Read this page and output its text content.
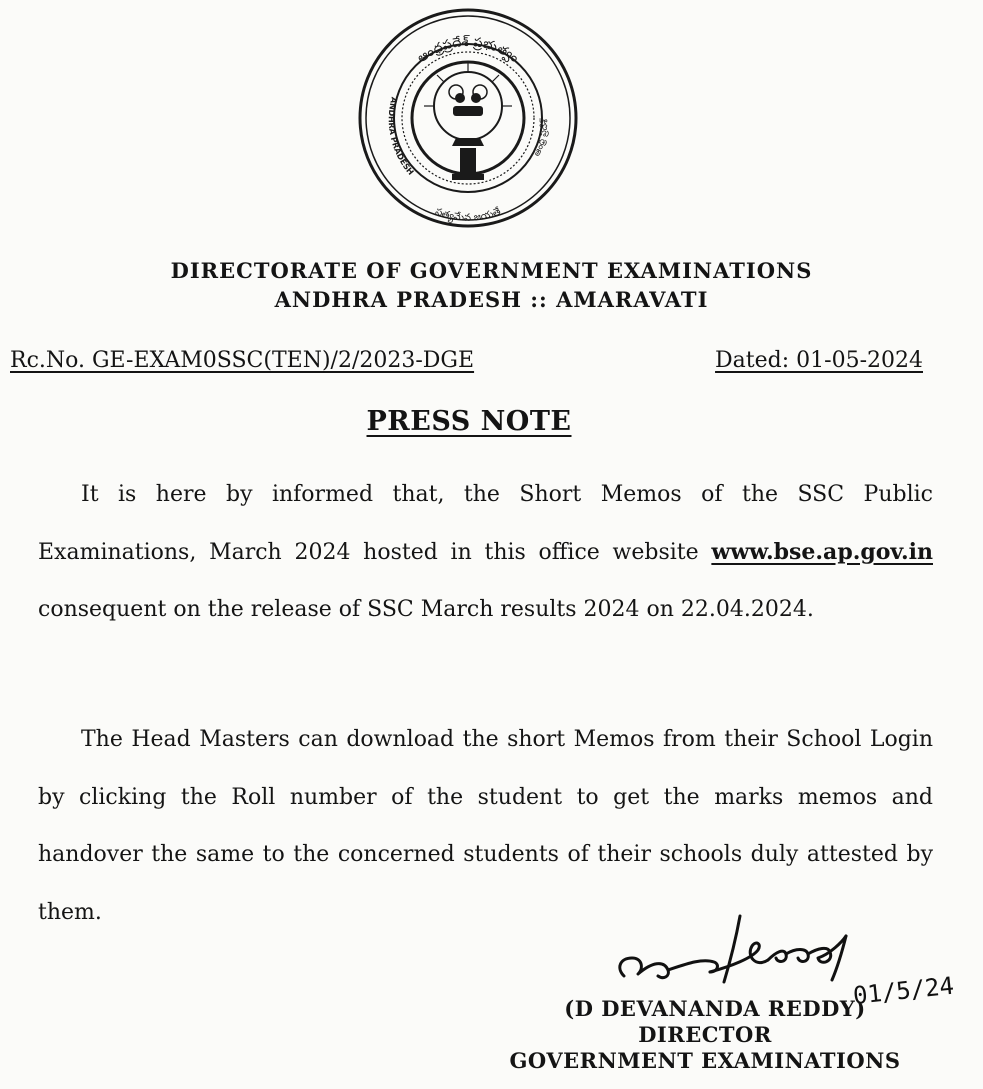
ఆంధ్రప్రదేశ్ ప్రభుత్వం
ANDHRA PRADESH
ఆంధ్ర ప్రదేశ్
సత్యమేవ జయతే
DIRECTORATE OF GOVERNMENT EXAMINATIONS
ANDHRA PRADESH :: AMARAVATI
Rc.No. GE-EXAM0SSC(TEN)/2/2023-DGE	Dated: 01-05-2024
PRESS NOTE

It is here by informed that, the Short Memos of the SSC Public Examinations, March 2024 hosted in this office website www.bse.ap.gov.in consequent on the release of SSC March results 2024 on 22.04.2024.

The Head Masters can download the short Memos from their School Login by clicking the Roll number of the student to get the marks memos and handover the same to the concerned students of their schools duly attested by them.

01/5/24
(D DEVANANDA REDDY)
DIRECTOR
GOVERNMENT EXAMINATIONS
